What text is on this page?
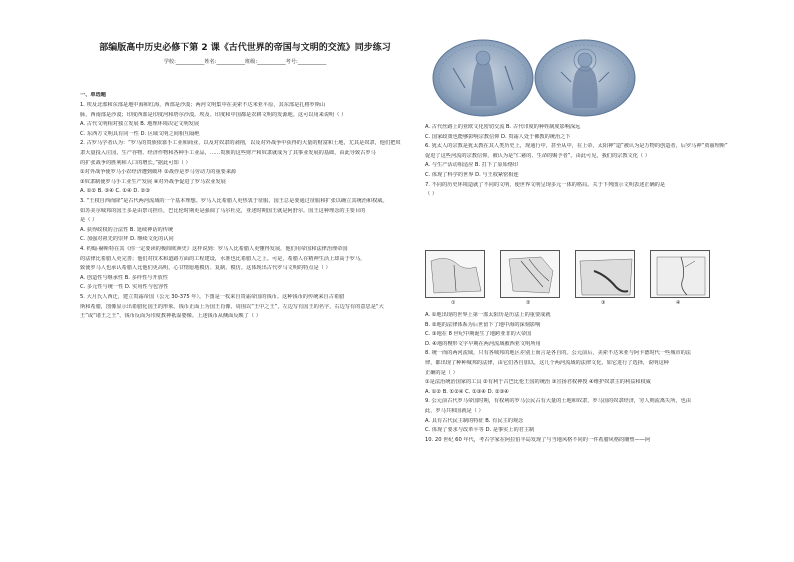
部编版高中历史必修下第 2 课《古代世界的帝国与文明的交流》同步练习
学校:___________姓名:___________班级:___________考号:___________
一、单选题
1. 埃及北部和东部是地中海和红海，西部是沙漠；两河文明集中在美索不达米亚平原，其东部是扎格罗斯山
脉，西南部是沙漠；印度西部是印度河和塔尔沙漠。埃及、印度和中国都是农耕文明的发源地。这可以用来说明（ ）
A. 古代文明相对独立发展 B. 地理环境决定文明发展
C. 东西方文明具有同一性 D. 区域文明之间相互隔绝
2. 古罗马学者认为：“罗马的贵族依靠手工业和商业，以及对奴隶的剥削，以及对外战争中获得的大量的财富和土地，尤其是奴隶，他们把奴
隶大量投入庄园，生产谷物、经济作物和各种手工业品，……贵族的这些财产和奴隶就成为了其事业发展的基础，由此导致古罗马
的扩张战争的胜利和人口的增长。”据此可知（ ）
①对外战争使罗马小农经济遭到破坏 ②战俘是罗马劳动力的重要来源
③奴隶制使罗马手工业生产发展 ④对外战争促进了罗马农业发展
A. ①② B. ③④ C. ①④ D. ②③
3. “王权自西而降”是古代两河流域的一个基本理想。罗马人比希腊人更热衷于征服，国王总是要通过征服和扩张以确立其统治和权威。
如苏美尔城邦的国王多是由祭司担任，巴比伦时期更是强调了马尔杜克，亚述时期国王就是阿舒尔。国王这种理念的主要目的
是（ ）
A. 获得政权的合法性 B. 延续神话的传统
C. 加强对祖先的崇拜 D. 继续文化的认同
4. 约翰·赫斯特在其《你一定要读的极简欧洲史》这样说到：罗马人比希腊人更懂得发展，他们用帝国和法律治理帝国
的法律比希腊人更完善；他们对技术和道路方面的工程建设，水准也比希腊人之上。可是，希腊人在精神生活上却高于罗马，
致使罗马人也承认希腊人比他们更高明，心甘情愿地模仿、复制、模仿。这体现出古代罗马文明的特点是（ ）
A. 创造性与继承性 B. 多样性与开放性
C. 多元性与统一性 D. 实用性与包容性
5. 大月氏人西迁，建立贵霜帝国（公元 30-375 年）。下图是一枚来自贵霜帝国的钱币。这种钱币的传统来自古希腊
斯和希腊，图像显示出希腊化国王的形象。钱币正面上为国王肖像，周围以“王中之王”，左边写有国王的名字，右边写有的意思是“大
王”或“诸王之王”，钱币反面为印度教神祇湿婆像。上述钱币从侧面反映了（ ）
A. 古代丝路上的亚欧文化密切交流 B. 古代印度的种姓制度影响深远
C. 国家政策也能够影响宗教信仰 D. 贵霜人处于佛教的统治之下
6. 犹太人的宗教是犹太教在其人类历史上，现通行中，甚至从中，在上帝，太阳神“造”被认为是万物的创造者，后罗马神“贾丽理斯”
促进了这些河流的宗教信仰，被认为是“仁慈的、生命的赐予者”。由此可见，我们的宗教文化（ ）
A. 与生产活动相适应 B. 打下了原始烙印
C. 体现了科学的世界 D. 与王权紧密相连
7. 不同的历史环境造就了不同的文明，使世界文明呈现多元一体的格局。关于下列图示文明表述正确的是
（ ）
A. ①地出现的世界上第一部太阳历是历法上的重要成就
B. ②地的法律体系为后世留下了地中海的深刻影响
C. ③地在 8 世纪中期诞生了地跨亚非的大帝国
D. ④地的楔形文字早期在两河流域被西亚文明所用
8. 统一而的两河流域，只有各城邦的地区差别上而言是各自的。公元前后，美索不达米亚与阿卡德时代一些城市的法
律，都出现了种种城邦的法律，由它们各自加以，这几个两河流域的法律文化，如它进行了选择，说明这种
正确的是（ ）
①是法治统治国家的工具 ②有利于古巴比伦王国的统治 ③宣扬君权神授 ④维护奴隶主的利益和权威
A. ①② B. ①②④ C. ①③④ D. ②③④
9. 公元前古代罗马帝国时期，有权利的罗马公民占有大量的土地和奴隶，罗马国的奴隶经济，穷人则流离失所，也由
此，罗马共和国就是（ ）
A. 具有古代民主制的特征 B. 有民主的观念
C. 体现了要求与改革平等 D. 是事实上的君主制
10. 20 世纪 60 年代，考古学家在阿拉伯半岛发现了与当地风格不同的一件希腊风格的雕塑——阿
①	②	③	④
